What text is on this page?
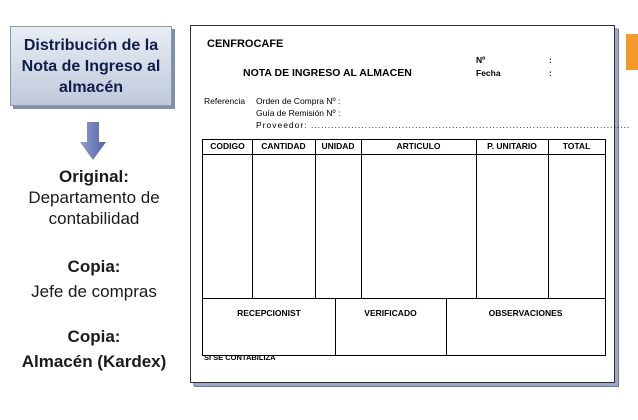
Distribución de la Nota de Ingreso al almacén
Original:
Departamento de contabilidad
Copia:
Jefe de compras
Copia:
Almacén (Kardex)
CENFROCAFE
NOTA DE INGRESO AL ALMACEN
Nº	:
Fecha	:
Referencia Orden de Compra Nº :
Guía de Remisión Nº :
Proveedor: ...............................................................................................
CODIGO	CANTIDAD	UNIDAD	ARTICULO	P. UNITARIO	TOTAL
RECEPCIONIST	VERIFICADO	OBSERVACIONES
SI SE CONTABILIZA
